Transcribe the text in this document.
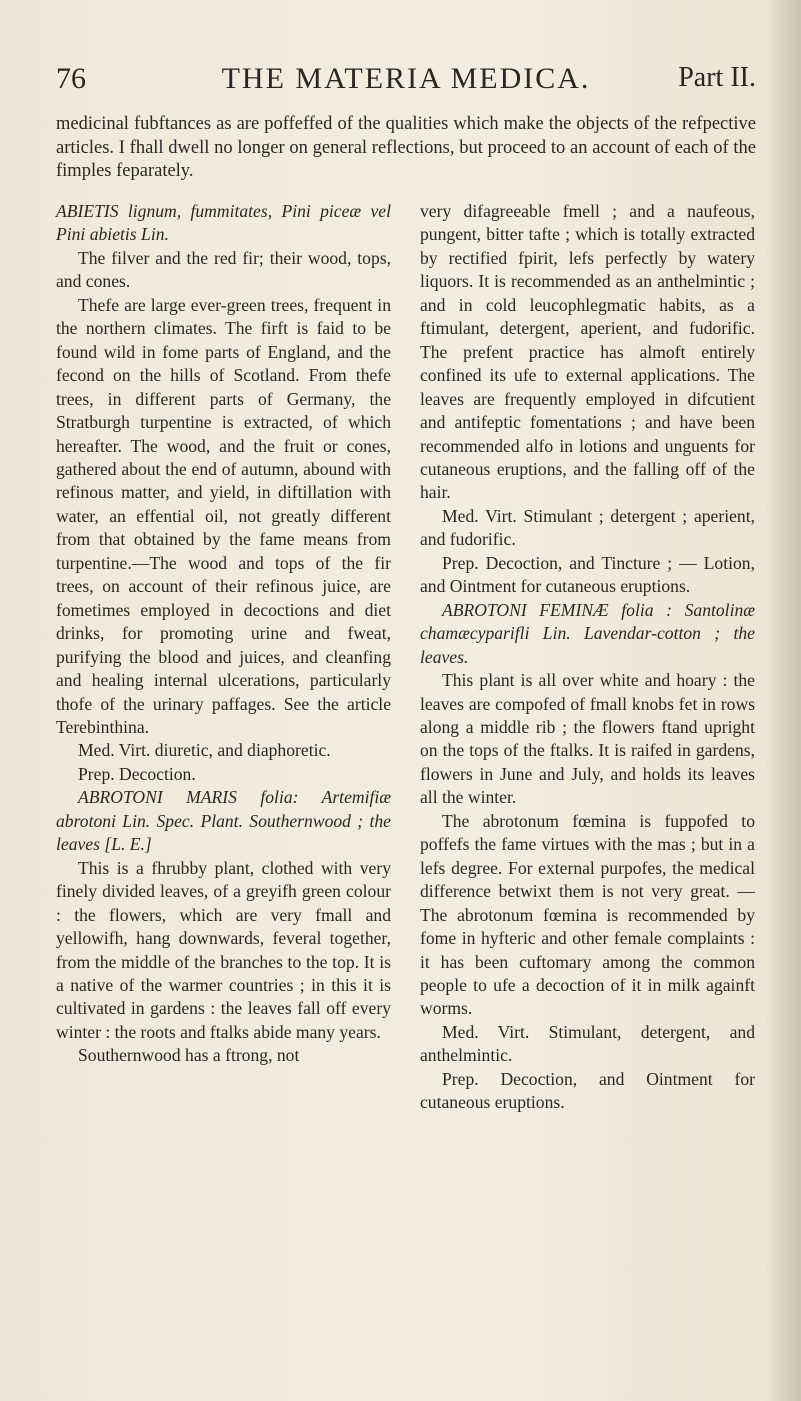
76	THE MATERIA MEDICA.	Part II.
medicinal fubftances as are poffeffed of the qualities which make the objects of the refpective articles. I fhall dwell no longer on general reflections, but proceed to an account of each of the fimples feparately.

ABIETIS lignum, fummitates, Pini piceæ vel Pini abietis Lin.

The filver and the red fir; their wood, tops, and cones.

Thefe are large ever-green trees, frequent in the northern climates. The firft is faid to be found wild in fome parts of England, and the fecond on the hills of Scotland. From thefe trees, in different parts of Germany, the Stratburgh turpentine is extracted, of which hereafter. The wood, and the fruit or cones, gathered about the end of autumn, abound with refinous matter, and yield, in diftillation with water, an effential oil, not greatly different from that obtained by the fame means from turpentine.—The wood and tops of the fir trees, on account of their refinous juice, are fometimes employed in decoctions and diet drinks, for promoting urine and fweat, purifying the blood and juices, and cleanfing and healing internal ulcerations, particularly thofe of the urinary paffages. See the article Terebinthina.

Med. Virt. diuretic, and diaphoretic.

Prep. Decoction.

ABROTONI MARIS folia: Artemifiæ abrotoni Lin. Spec. Plant. Southernwood ; the leaves [L. E.]

This is a fhrubby plant, clothed with very finely divided leaves, of a greyifh green colour : the flowers, which are very fmall and yellowifh, hang downwards, feveral together, from the middle of the branches to the top. It is a native of the warmer countries ; in this it is cultivated in gardens : the leaves fall off every winter : the roots and ftalks abide many years.

Southernwood has a ftrong, not

very difagreeable fmell ; and a naufeous, pungent, bitter tafte ; which is totally extracted by rectified fpirit, lefs perfectly by watery liquors. It is recommended as an anthelmintic ; and in cold leucophlegmatic habits, as a ftimulant, detergent, aperient, and fudorific. The prefent practice has almoft entirely confined its ufe to external applications. The leaves are frequently employed in difcutient and antifeptic fomentations ; and have been recommended alfo in lotions and unguents for cutaneous eruptions, and the falling off of the hair.

Med. Virt. Stimulant ; detergent ; aperient, and fudorific.

Prep. Decoction, and Tincture ; — Lotion, and Ointment for cutaneous eruptions.

ABROTONI FEMINÆ folia : Santolinæ chamæcyparifli Lin. Lavendar-cotton ; the leaves.

This plant is all over white and hoary : the leaves are compofed of fmall knobs fet in rows along a middle rib ; the flowers ftand upright on the tops of the ftalks. It is raifed in gardens, flowers in June and July, and holds its leaves all the winter.

The abrotonum fœmina is fuppofed to poffefs the fame virtues with the mas ; but in a lefs degree. For external purpofes, the medical difference betwixt them is not very great. — The abrotonum fœmina is recommended by fome in hyfteric and other female complaints : it has been cuftomary among the common people to ufe a decoction of it in milk againft worms.

Med. Virt. Stimulant, detergent, and anthelmintic.

Prep. Decoction, and Ointment for cutaneous eruptions.
